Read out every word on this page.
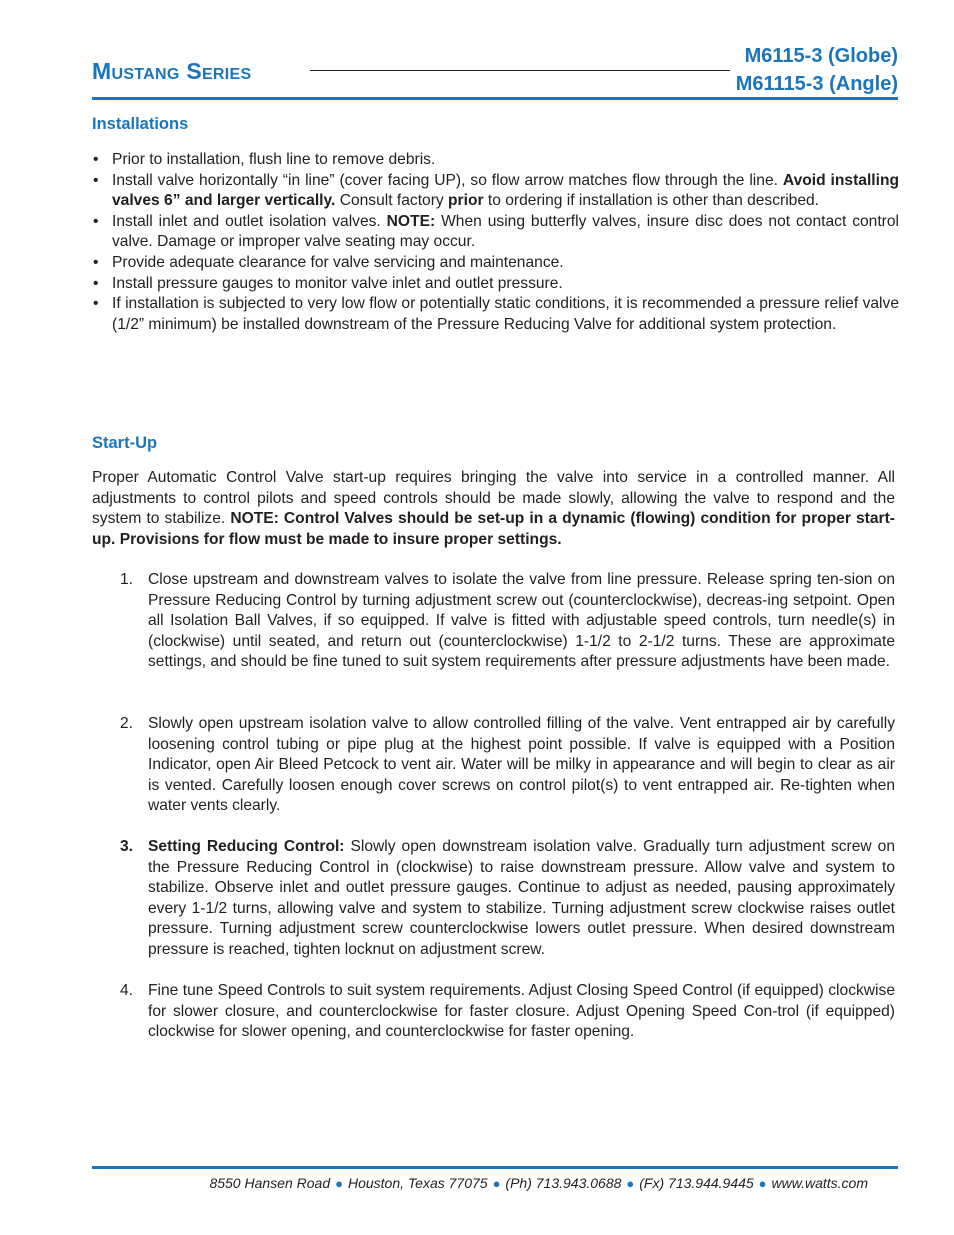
Mustang Series
M6115-3 (Globe)
M61115-3 (Angle)
Installations
• Prior to installation, flush line to remove debris.
• Install valve horizontally “in line” (cover facing UP), so flow arrow matches flow through the line. Avoid installing valves 6” and larger vertically. Consult factory prior to ordering if installation is other than described.
• Install inlet and outlet isolation valves. NOTE: When using butterfly valves, insure disc does not contact control valve. Damage or improper valve seating may occur.
• Provide adequate clearance for valve servicing and maintenance.
• Install pressure gauges to monitor valve inlet and outlet pressure.
• If installation is subjected to very low flow or potentially static conditions, it is recommended a pressure relief valve (1/2” minimum) be installed downstream of the Pressure Reducing Valve for additional system protection.
Start-Up

Proper Automatic Control Valve start-up requires bringing the valve into service in a controlled manner. All adjustments to control pilots and speed controls should be made slowly, allowing the valve to respond and the system to stabilize. NOTE: Control Valves should be set-up in a dynamic (flowing) condition for proper start-up. Provisions for flow must be made to insure proper settings.

1. Close upstream and downstream valves to isolate the valve from line pressure. Release spring ten-sion on Pressure Reducing Control by turning adjustment screw out (counterclockwise), decreas-ing setpoint. Open all Isolation Ball Valves, if so equipped. If valve is fitted with adjustable speed controls, turn needle(s) in (clockwise) until seated, and return out (counterclockwise) 1-1/2 to 2-1/2 turns. These are approximate settings, and should be fine tuned to suit system requirements after pressure adjustments have been made.
2. Slowly open upstream isolation valve to allow controlled filling of the valve. Vent entrapped air by carefully loosening control tubing or pipe plug at the highest point possible. If valve is equipped with a Position Indicator, open Air Bleed Petcock to vent air. Water will be milky in appearance and will begin to clear as air is vented. Carefully loosen enough cover screws on control pilot(s) to vent entrapped air. Re-tighten when water vents clearly.
3. Setting Reducing Control: Slowly open downstream isolation valve. Gradually turn adjustment screw on the Pressure Reducing Control in (clockwise) to raise downstream pressure. Allow valve and system to stabilize. Observe inlet and outlet pressure gauges. Continue to adjust as needed, pausing approximately every 1-1/2 turns, allowing valve and system to stabilize. Turning adjustment screw clockwise raises outlet pressure. Turning adjustment screw counterclockwise lowers outlet pressure. When desired downstream pressure is reached, tighten locknut on adjustment screw.
4. Fine tune Speed Controls to suit system requirements. Adjust Closing Speed Control (if equipped) clockwise for slower closure, and counterclockwise for faster closure. Adjust Opening Speed Con-trol (if equipped) clockwise for slower opening, and counterclockwise for faster opening.
8550 Hansen Road ● Houston, Texas 77075 ● (Ph) 713.943.0688 ● (Fx) 713.944.9445 ● www.watts.com
